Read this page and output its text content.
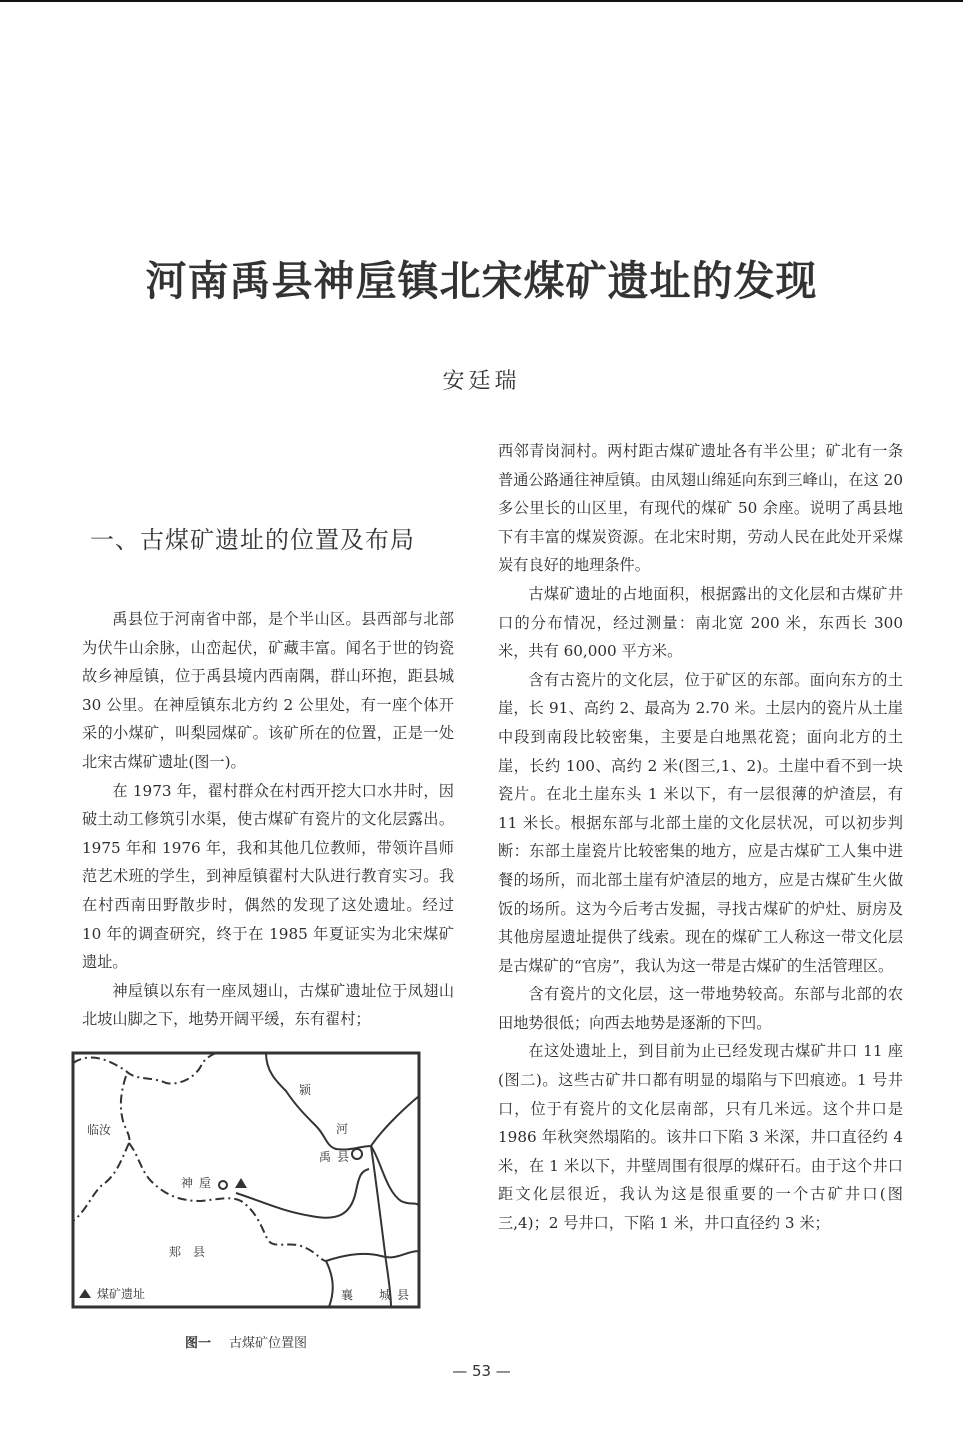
河南禹县神垕镇北宋煤矿遗址的发现
安廷瑞
一、古煤矿遗址的位置及布局

禹县位于河南省中部，是个半山区。县西部与北部为伏牛山余脉，山峦起伏，矿藏丰富。闻名于世的钧瓷故乡神垕镇，位于禹县境内西南隅，群山环抱，距县城 30 公里。在神垕镇东北方约 2 公里处，有一座个体开采的小煤矿，叫梨园煤矿。该矿所在的位置，正是一处北宋古煤矿遗址(图一)。

在 1973 年，翟村群众在村西开挖大口水井时，因破土动工修筑引水渠，使古煤矿有瓷片的文化层露出。1975 年和 1976 年，我和其他几位教师，带领许昌师范艺术班的学生，到神垕镇翟村大队进行教育实习。我在村西南田野散步时，偶然的发现了这处遗址。经过 10 年的调查研究，终于在 1985 年夏证实为北宋煤矿遗址。

神垕镇以东有一座凤翅山，古煤矿遗址位于凤翅山北坡山脚之下，地势开阔平缓，东有翟村；

临汝
神垕
禹县
郏县
襄 城县
颍
河
煤矿遗址
图一 古煤矿位置图

西邻青岗洞村。两村距古煤矿遗址各有半公里；矿北有一条普通公路通往神垕镇。由凤翅山绵延向东到三峰山，在这 20 多公里长的山区里，有现代的煤矿 50 余座。说明了禹县地下有丰富的煤炭资源。在北宋时期，劳动人民在此处开采煤炭有良好的地理条件。

古煤矿遗址的占地面积，根据露出的文化层和古煤矿井口的分布情况，经过测量：南北宽 200 米，东西长 300 米，共有 60,000 平方米。

含有古瓷片的文化层，位于矿区的东部。面向东方的土崖，长 91、高约 2、最高为 2.70 米。土层内的瓷片从土崖中段到南段比较密集，主要是白地黑花瓷；面向北方的土崖，长约 100、高约 2 米(图三,1、2)。土崖中看不到一块瓷片。在北土崖东头 1 米以下，有一层很薄的炉渣层，有 11 米长。根据东部与北部土崖的文化层状况，可以初步判断：东部土崖瓷片比较密集的地方，应是古煤矿工人集中进餐的场所，而北部土崖有炉渣层的地方，应是古煤矿生火做饭的场所。这为今后考古发掘，寻找古煤矿的炉灶、厨房及其他房屋遗址提供了线索。现在的煤矿工人称这一带文化层是古煤矿的“官房”，我认为这一带是古煤矿的生活管理区。

含有瓷片的文化层，这一带地势较高。东部与北部的农田地势很低；向西去地势是逐渐的下凹。

在这处遗址上，到目前为止已经发现古煤矿井口 11 座(图二)。这些古矿井口都有明显的塌陷与下凹痕迹。1 号井口，位于有瓷片的文化层南部，只有几米远。这个井口是 1986 年秋突然塌陷的。该井口下陷 3 米深，井口直径约 4 米，在 1 米以下，井壁周围有很厚的煤矸石。由于这个井口距文化层很近，我认为这是很重要的一个古矿井口(图三,4)；2 号井口，下陷 1 米，井口直径约 3 米；

— 53 —
